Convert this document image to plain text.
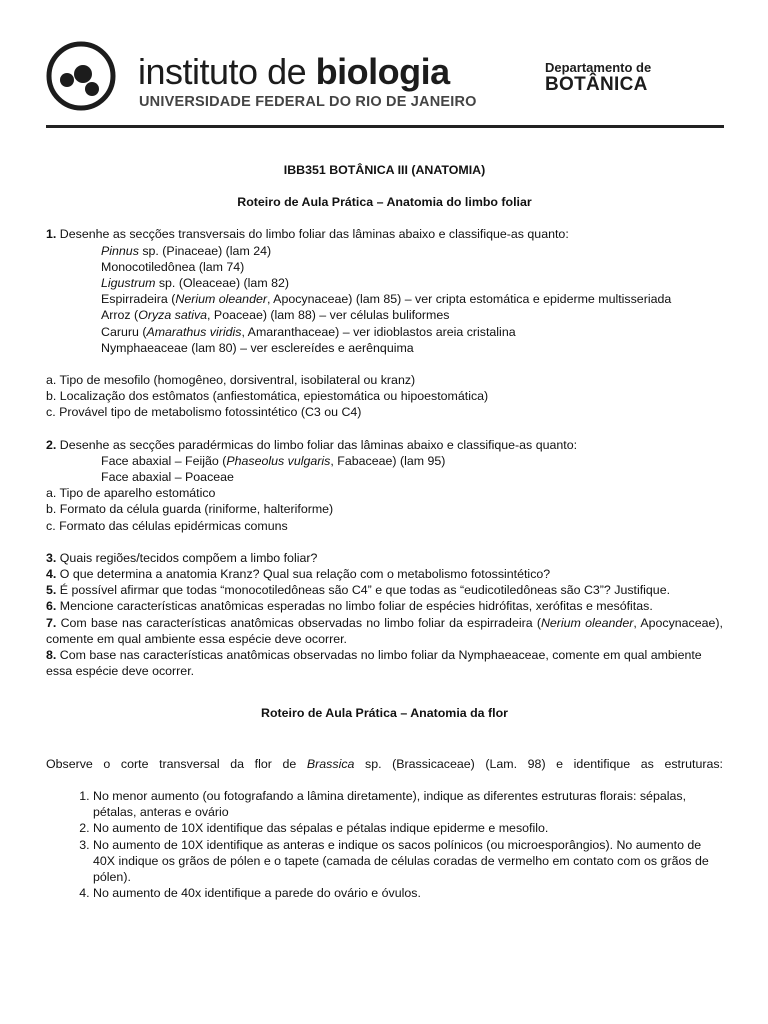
instituto de biologia
UNIVERSIDADE FEDERAL DO RIO DE JANEIRO
Departamento de
BOTÂNICA

IBB351 BOTÂNICA III (ANATOMIA)

Roteiro de Aula Prática – Anatomia do limbo foliar

1. Desenhe as secções transversais do limbo foliar das lâminas abaixo e classifique-as quanto:

Pinnus sp. (Pinaceae) (lam 24)

Monocotiledônea (lam 74)

Ligustrum sp. (Oleaceae) (lam 82)

Espirradeira (Nerium oleander, Apocynaceae) (lam 85) – ver cripta estomática e epiderme multisseriada

Arroz (Oryza sativa, Poaceae) (lam 88) – ver células buliformes

Caruru (Amarathus viridis, Amaranthaceae) – ver idioblastos areia cristalina

Nymphaeaceae (lam 80) – ver esclereídes e aerênquima

a. Tipo de mesofilo (homogêneo, dorsiventral, isobilateral ou kranz)

b. Localização dos estômatos (anfiestomática, epiestomática ou hipoestomática)

c. Provável tipo de metabolismo fotossintético (C3 ou C4)

2. Desenhe as secções paradérmicas do limbo foliar das lâminas abaixo e classifique-as quanto:

Face abaxial – Feijão (Phaseolus vulgaris, Fabaceae) (lam 95)

Face abaxial – Poaceae

a. Tipo de aparelho estomático

b. Formato da célula guarda (riniforme, halteriforme)

c. Formato das células epidérmicas comuns

3. Quais regiões/tecidos compõem a limbo foliar?

4. O que determina a anatomia Kranz? Qual sua relação com o metabolismo fotossintético?

5. É possível afirmar que todas “monocotiledôneas são C4” e que todas as “eudicotiledôneas são C3”? Justifique.

6. Mencione características anatômicas esperadas no limbo foliar de espécies hidrófitas, xerófitas e mesófitas.

7. Com base nas características anatômicas observadas no limbo foliar da espirradeira (Nerium oleander, Apocynaceae), comente em qual ambiente essa espécie deve ocorrer.

8. Com base nas características anatômicas observadas no limbo foliar da Nymphaeaceae, comente em qual ambiente essa espécie deve ocorrer.

Roteiro de Aula Prática – Anatomia da flor

Observe o corte transversal da flor de Brassica sp. (Brassicaceae) (Lam. 98) e identifique as estruturas:

1. No menor aumento (ou fotografando a lâmina diretamente), indique as diferentes estruturas florais: sépalas, pétalas, anteras e ovário
2. No aumento de 10X identifique das sépalas e pétalas indique epiderme e mesofilo.
3. No aumento de 10X identifique as anteras e indique os sacos polínicos (ou microesporângios). No aumento de 40X indique os grãos de pólen e o tapete (camada de células coradas de vermelho em contato com os grãos de pólen).
4. No aumento de 40x identifique a parede do ovário e óvulos.
